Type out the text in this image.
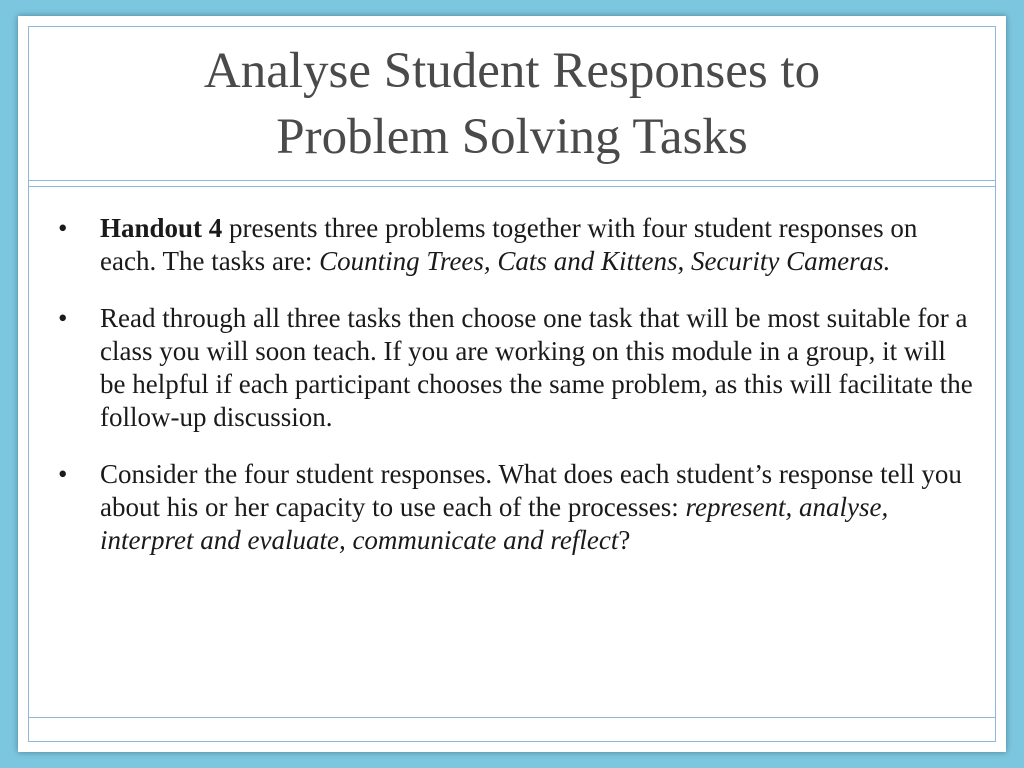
Analyse Student Responses to
Problem Solving Tasks
• Handout 4 presents three problems together with four student responses on each. The tasks are: Counting Trees, Cats and Kittens, Security Cameras.
• Read through all three tasks then choose one task that will be most suitable for a class you will soon teach. If you are working on this module in a group, it will be helpful if each participant chooses the same problem, as this will facilitate the follow-up discussion.
• Consider the four student responses. What does each student’s response tell you about his or her capacity to use each of the processes: represent, analyse, interpret and evaluate, communicate and reflect?
